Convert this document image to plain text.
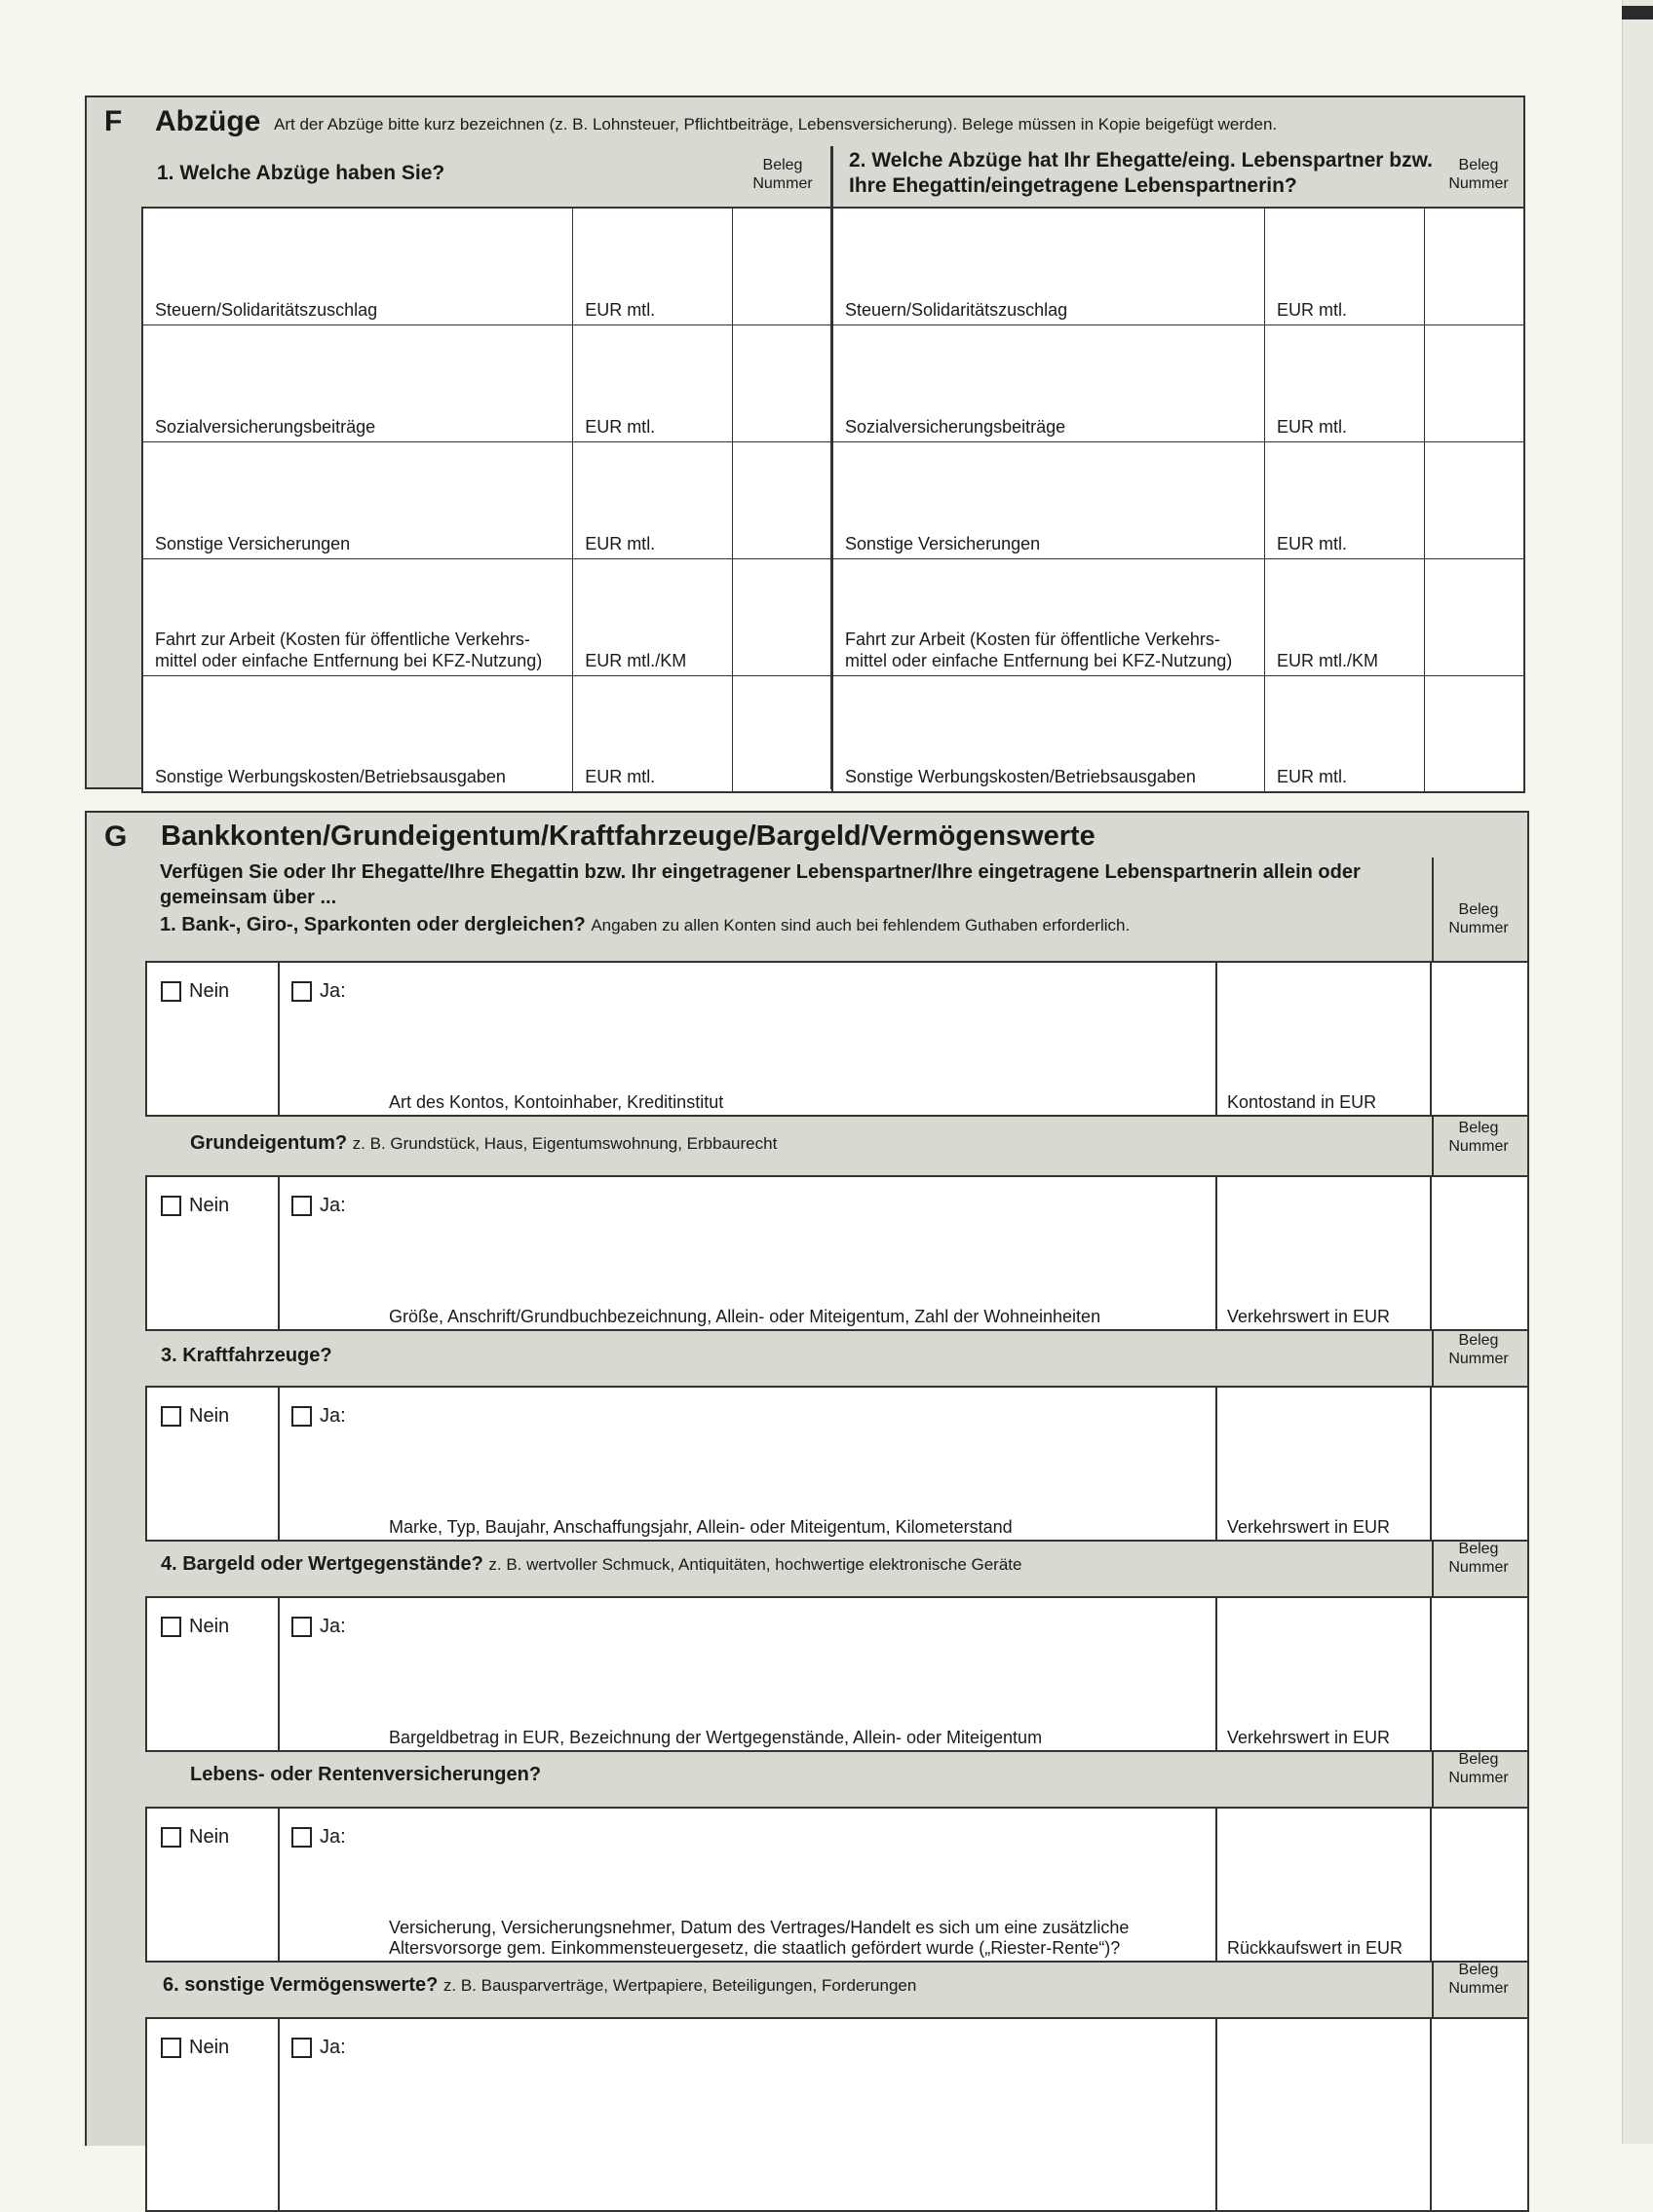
F Abzüge Art der Abzüge bitte kurz bezeichnen (z. B. Lohnsteuer, Pflichtbeiträge, Lebensversicherung). Belege müssen in Kopie beigefügt werden.
1. Welche Abzüge haben Sie?
2. Welche Abzüge hat Ihr Ehegatte/eing. Lebenspartner bzw. Ihre Ehegattin/eingetragene Lebenspartnerin?
Beleg
Nummer
Beleg
Nummer
Steuern/Solidaritätszuschlag	EUR mtl.	
Sozialversicherungsbeiträge	EUR mtl.	
Sonstige Versicherungen	EUR mtl.	
Fahrt zur Arbeit (Kosten für öffentliche Verkehrs-mittel oder einfache Entfernung bei KFZ-Nutzung)	EUR mtl./KM	
Sonstige Werbungskosten/Betriebsausgaben	EUR mtl.	
Steuern/Solidaritätszuschlag	EUR mtl.	
Sozialversicherungsbeiträge	EUR mtl.	
Sonstige Versicherungen	EUR mtl.	
Fahrt zur Arbeit (Kosten für öffentliche Verkehrs-mittel oder einfache Entfernung bei KFZ-Nutzung)	EUR mtl./KM	
Sonstige Werbungskosten/Betriebsausgaben	EUR mtl.	
G Bankkonten/Grundeigentum/Kraftfahrzeuge/Bargeld/Vermögenswerte
Verfügen Sie oder Ihr Ehegatte/Ihre Ehegattin bzw. Ihr eingetragener Lebenspartner/Ihre eingetragene Lebenspartnerin allein oder gemeinsam über ...
1. Bank-, Giro-, Sparkonten oder dergleichen? Angaben zu allen Konten sind auch bei fehlendem Guthaben erforderlich.
Beleg
Nummer
Nein	Ja:
Art des Kontos, Kontoinhaber, Kreditinstitut	Kontostand in EUR
Grundeigentum? z. B. Grundstück, Haus, Eigentumswohnung, Erbbaurecht
Beleg
Nummer
Nein	Ja:
Größe, Anschrift/Grundbuchbezeichnung, Allein- oder Miteigentum, Zahl der Wohneinheiten	Verkehrswert in EUR
3. Kraftfahrzeuge?
Beleg
Nummer
Nein	Ja:
Marke, Typ, Baujahr, Anschaffungsjahr, Allein- oder Miteigentum, Kilometerstand	Verkehrswert in EUR
4. Bargeld oder Wertgegenstände? z. B. wertvoller Schmuck, Antiquitäten, hochwertige elektronische Geräte
Beleg
Nummer
Nein	Ja:
Bargeldbetrag in EUR, Bezeichnung der Wertgegenstände, Allein- oder Miteigentum	Verkehrswert in EUR
Lebens- oder Rentenversicherungen?
Beleg
Nummer
Nein	Ja:
Versicherung, Versicherungsnehmer, Datum des Vertrages/Handelt es sich um eine zusätzliche Altersvorsorge gem. Einkommensteuergesetz, die staatlich gefördert wurde („Riester-Rente“)?	Rückkaufswert in EUR
6. sonstige Vermögenswerte? z. B. Bausparverträge, Wertpapiere, Beteiligungen, Forderungen
Beleg
Nummer
Nein	Ja:
